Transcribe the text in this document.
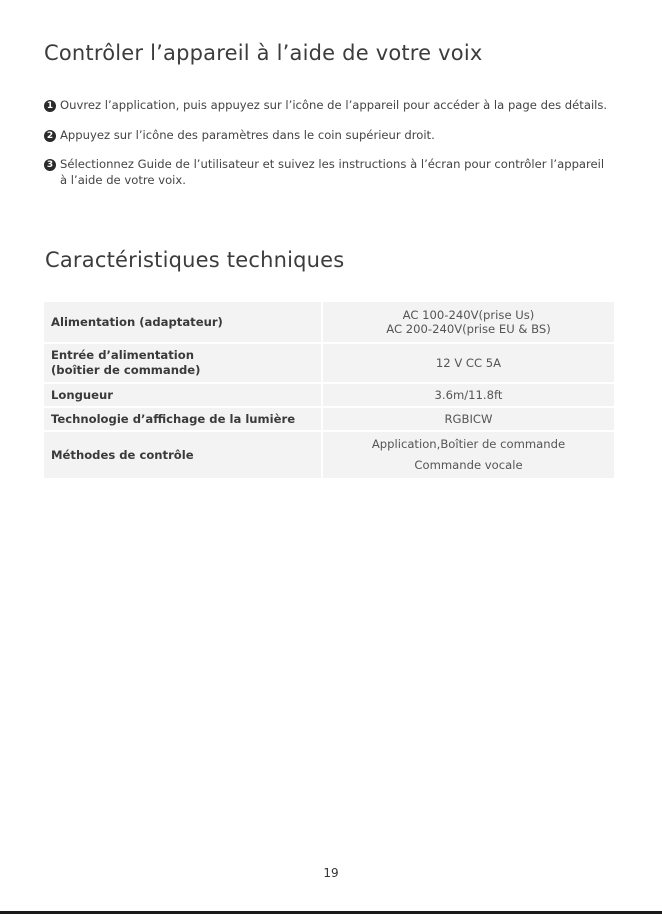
Contrôler l’appareil à l’aide de votre voix
1 Ouvrez l’application, puis appuyez sur l’icône de l’appareil pour accéder à la page des détails.
2 Appuyez sur l’icône des paramètres dans le coin supérieur droit.
3 Sélectionnez Guide de l’utilisateur et suivez les instructions à l’écran pour contrôler l’appareil à l’aide de votre voix.
Caractéristiques techniques
Alimentation (adaptateur)	AC 100-240V(prise Us)
AC 200-240V(prise EU & BS)

Entrée d’alimentation
(boîtier de commande)	12 V CC 5A

Longueur	3.6m/11.8ft

Technologie d’affichage de la lumière	RGBICW

Méthodes de contrôle	Application,Boîtier de commande
Commande vocale
19
